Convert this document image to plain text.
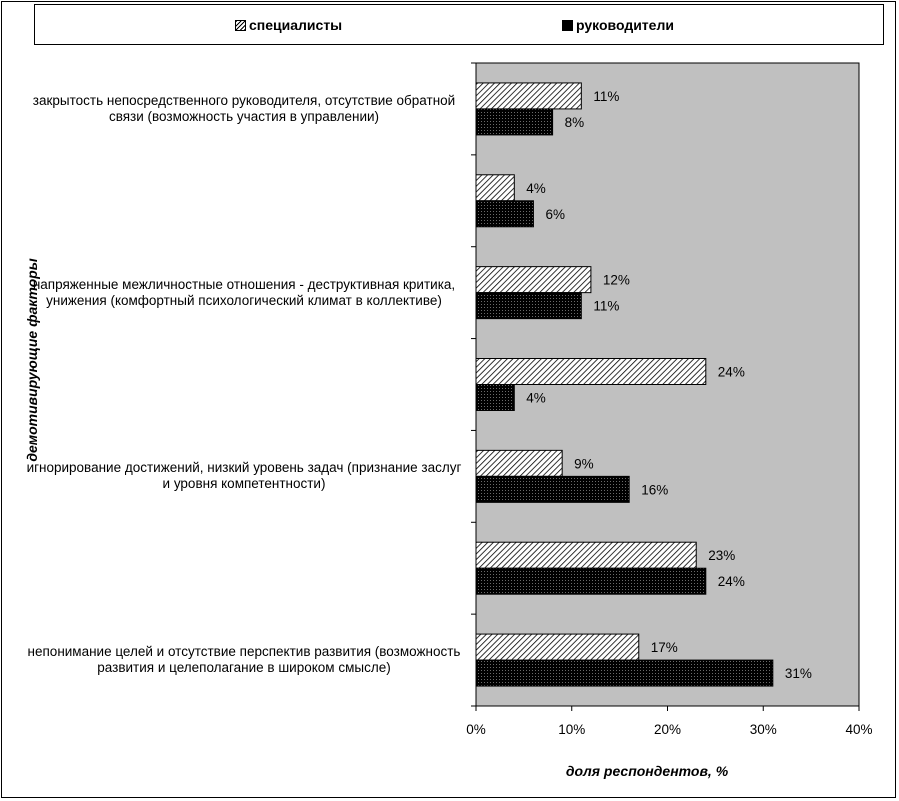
специалисты	руководители
11%
8%
4%
6%
12%
11%
24%
4%
9%
16%
23%
24%
17%
31%
0%	10%	20%	30%	40%
закрытость непосредственного руководителя, отсутствие обратной связи (возможность участия в управлении)
напряженные межличностные отношения - деструктивная критика, унижения (комфортный психологический климат в коллективе)
игнорирование достижений, низкий уровень задач (признание заслуг и уровня компетентности)
непонимание целей и отсутствие перспектив развития (возможность развития и целеполагание в широком смысле)
демотивирующие факторы
доля респондентов, %
